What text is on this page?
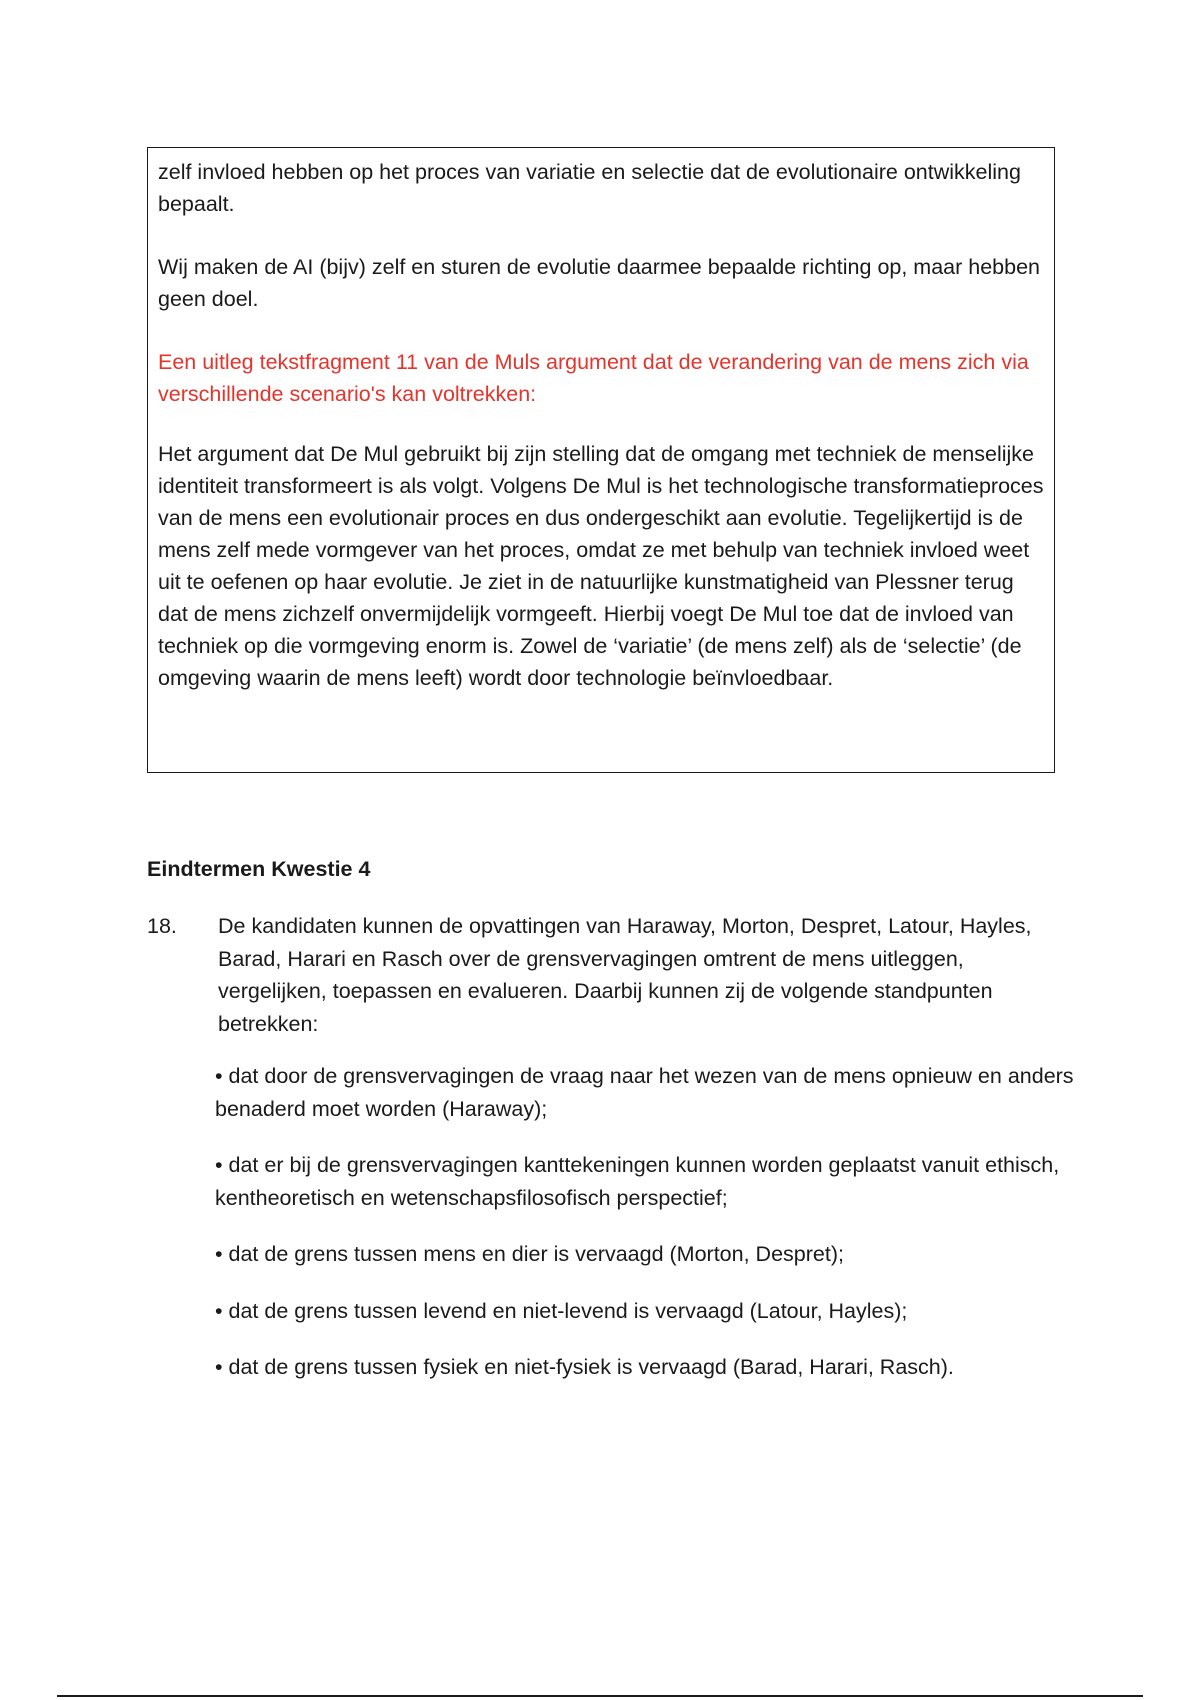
zelf invloed hebben op het proces van variatie en selectie dat de evolutionaire ontwikkeling bepaalt.

Wij maken de AI (bijv) zelf en sturen de evolutie daarmee bepaalde richting op, maar hebben geen doel.

Een uitleg tekstfragment 11 van de Muls argument dat de verandering van de mens zich via verschillende scenario's kan voltrekken:

Het argument dat De Mul gebruikt bij zijn stelling dat de omgang met techniek de menselijke identiteit transformeert is als volgt. Volgens De Mul is het technologische transformatieproces van de mens een evolutionair proces en dus ondergeschikt aan evolutie. Tegelijkertijd is de mens zelf mede vormgever van het proces, omdat ze met behulp van techniek invloed weet uit te oefenen op haar evolutie. Je ziet in de natuurlijke kunstmatigheid van Plessner terug dat de mens zichzelf onvermijdelijk vormgeeft. Hierbij voegt De Mul toe dat de invloed van techniek op die vormgeving enorm is. Zowel de ‘variatie’ (de mens zelf) als de ‘selectie’ (de omgeving waarin de mens leeft) wordt door technologie beïnvloedbaar.

Eindtermen Kwestie 4
18. De kandidaten kunnen de opvattingen van Haraway, Morton, Despret, Latour, Hayles, Barad, Harari en Rasch over de grensvervagingen omtrent de mens uitleggen, vergelijken, toepassen en evalueren. Daarbij kunnen zij de volgende standpunten betrekken:

• dat door de grensvervagingen de vraag naar het wezen van de mens opnieuw en anders benaderd moet worden (Haraway);
• dat er bij de grensvervagingen kanttekeningen kunnen worden geplaatst vanuit ethisch, kentheoretisch en wetenschapsfilosofisch perspectief;
• dat de grens tussen mens en dier is vervaagd (Morton, Despret);
• dat de grens tussen levend en niet-levend is vervaagd (Latour, Hayles);
• dat de grens tussen fysiek en niet-fysiek is vervaagd (Barad, Harari, Rasch).
